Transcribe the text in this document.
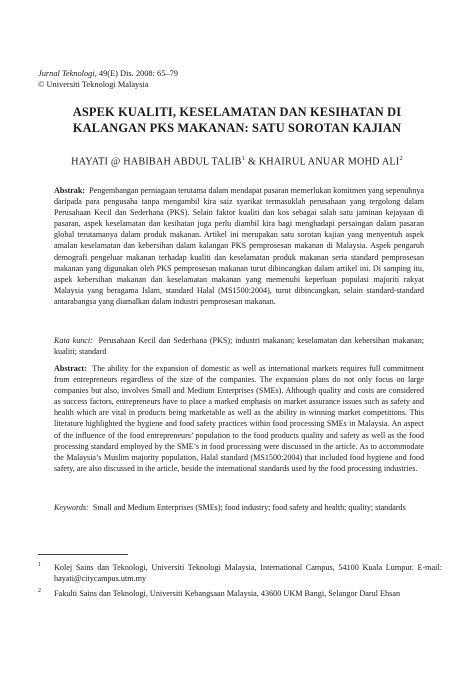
Jurnal Teknologi, 49(E) Dis. 2008: 65–79
© Universiti Teknologi Malaysia
ASPEK KUALITI, KESELAMATAN DAN KESIHATAN DI KALANGAN PKS MAKANAN: SATU SOROTAN KAJIAN
HAYATI @ HABIBAH ABDUL TALIB$^1$ & KHAIRUL ANUAR MOHD ALI$^2$
Abstrak: Pengembangan perniagaan terutama dalam mendapat pasaran memerlukan komitmen yang sepenuhnya daripada para pengusaha tanpa mengambil kira saiz syarikat termasuklah perusahaan yang tergolong dalam Perusahaan Kecil dan Sederhana (PKS). Selain faktor kualiti dan kos sebagai salah satu jaminan kejayaan di pasaran, aspek keselamatan dan kesihatan juga perlu diambil kira bagi menghadapi persaingan dalam pasaran global terutamanya dalam produk makanan. Artikel ini merupakan satu sorotan kajian yang menyentuh aspek amalan keselamatan dan kebersihan dalam kalangan PKS pemprosesan makanan di Malaysia. Aspek pengaruh demografi pengeluar makanan terhadap kualiti dan keselamatan produk makanan serta standard pemprosesan makanan yang digunakan oleh PKS pemprosesan makanan turut dibincangkan dalam artikel ini. Di samping itu, aspek kebersihan makanan dan keselamatan makanan yang memenuhi keperluan populasi majoriti rakyat Malaysia yang beragama Islam, standard Halal (MS1500:2004), turut dibincangkan, selain standard-standard antarabangsa yang diamalkan dalam industri pemprosesan makanan.
Kata kunci: Perusahaan Kecil dan Sederhana (PKS); industri makanan; keselamatan dan kebersihan makanan; kualiti; standard
Abstract: The ability for the expansion of domestic as well as international markets requires full commitment from entrepreneurs regardless of the size of the companies. The expansion plans do not only focus on large companies but also, involves Small and Medium Enterprises (SMEs). Although quality and costs are considered as success factors, entrepreneurs have to place a marked emphasis on market assurance issues such as safety and health which are vital in products being marketable as well as the ability in winning market competitions. This literature highlighted the hygiene and food safety practices within food processing SMEs in Malaysia. An aspect of the influence of the food entrepreneurs’ population to the food products quality and safety as well as the food processing standard employed by the SME’s in food processing were discussed in the article. As to accommodate the Malaysia’s Muslim majority population, Halal standard (MS1500:2004) that included food hygiene and food safety, are also discussed in the article, beside the international standards used by the food processing industries.
Keywords: Small and Medium Enterprises (SMEs); food industry; food safety and health; quality; standards
1 Kolej Sains dan Teknologi, Universiti Teknologi Malaysia, International Campus, 54100 Kuala Lumpur. E-mail: hayati@citycampus.utm.my
2 Fakulti Sains dan Teknologi, Universiti Kebangsaan Malaysia, 43600 UKM Bangi, Selangor Darul Ehsan
